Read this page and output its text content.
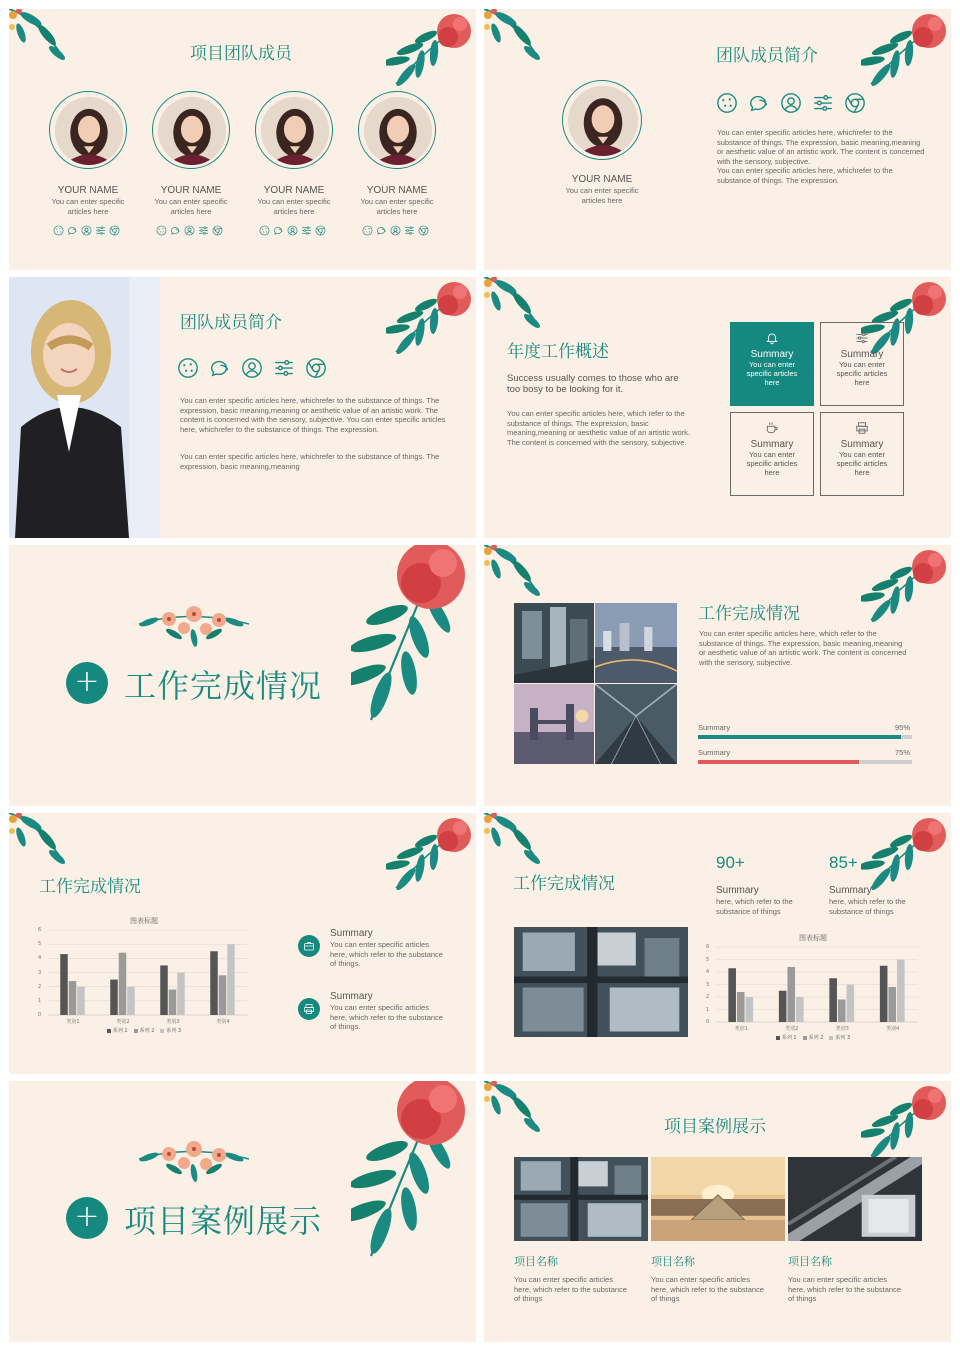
项目团队成员
YOUR NAME
You can enter specific articles here
YOUR NAME
You can enter specific articles here
YOUR NAME
You can enter specific articles here
YOUR NAME
You can enter specific articles here
YOUR NAME
You can enter specific articles here
团队成员简介
You can enter specific articles here, whichrefer to the substance of things. The expression, basic meaning,meaning or aesthetic value of an artistic work. The content is concerned with the sensory, subjective.
You can enter specific articles here, whichrefer to the substance of things. The expression.
团队成员简介
You can enter specific articles here, whichrefer to the substance of things. The expression, basic meaning,meaning or aesthetic value of an artistic work. The content is concerned with the sensory, subjective. You can enter specific articles here, whichrefer to the substance of things. The expression.
You can enter specific articles here, whichrefer to the substance of things. The expression, basic meaning,meaning
年度工作概述
Success usually comes to those who are too bosy to be looking for it.
You can enter specific articles here, which refer to the substance of things. The expression, basic meaning,meaning or aesthetic value of an artistic work. The content is concerned with the sensory, subjective.
Summary
You can enter specific articles here
Summary
You can enter specific articles here
Summary
You can enter specific articles here
Summary
You can enter specific articles here
+ 工作完成情况
工作完成情况
You can enter specific articles here, which refer to the substance of things. The expression, basic meaning,meaning or aesthetic value of an artistic work. The content is concerned with the sensory, subjective.
Summary	95%
Summary	75%
工作完成情况
图表标题
0
1
2
3
4
5
6
类别1	类别2	类别3	类别4
系列 1 系列 2 系列 3
Summary
You can enter specific articles here, which refer to the substance of things.
Summary
You can enter specific articles here, which refer to the substance of things.
工作完成情况
图表标题
0
1
2
3
4
5
6
类别1	类别2	类别3	类别4
系列 1 系列 2 系列 3
90+
Summary
here, which refer to the substance of things
85+
Summary
here, which refer to the substance of things
+ 项目案例展示
项目案例展示
项目名称
You can enter specific articles here, which refer to the substance of things
项目名称
You can enter specific articles here, which refer to the substance of things
项目名称
You can enter specific articles here, which refer to the substance of things
